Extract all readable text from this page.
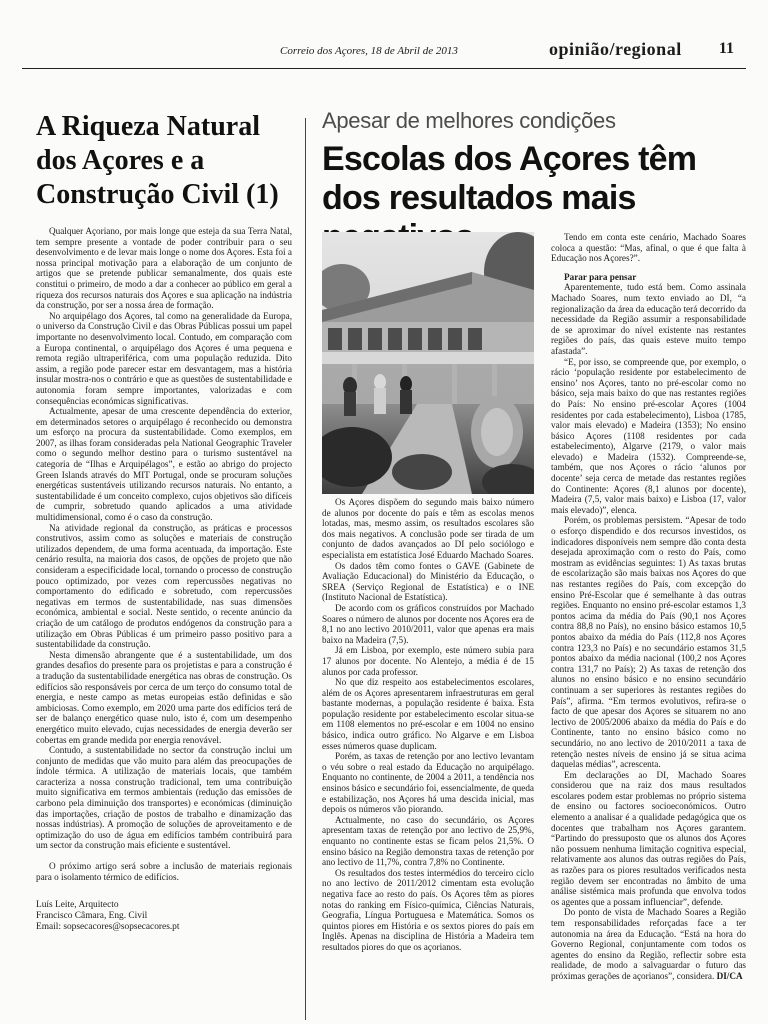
Correio dos Açores, 18 de Abril de 2013	opinião/regional 11
A Riqueza Natural
dos Açores e a
Construção Civil (1)

Qualquer Açoriano, por mais longe que esteja da sua Terra Natal, tem sempre presente a vontade de poder contribuir para o seu desenvolvimento e de levar mais longe o nome dos Açores. Esta foi a nossa principal motivação para a elaboração de um conjunto de artigos que se pretende publicar semanalmente, dos quais este constitui o primeiro, de modo a dar a conhecer ao público em geral a riqueza dos recursos naturais dos Açores e sua aplicação na indústria da construção, por ser a nossa área de formação.

No arquipélago dos Açores, tal como na generalidade da Europa, o universo da Construção Civil e das Obras Públicas possui um papel importante no desenvolvimento local. Contudo, em comparação com a Europa continental, o arquipélago dos Açores é uma pequena e remota região ultraperiférica, com uma população reduzida. Dito assim, a região pode parecer estar em desvantagem, mas a história insular mostra-nos o contrário e que as questões de sustentabilidade e autonomia foram sempre importantes, valorizadas e com consequências económicas significativas.

Actualmente, apesar de uma crescente dependência do exterior, em determinados setores o arquipélago é reconhecido ou demonstra um esforço na procura da sustentabilidade. Como exemplos, em 2007, as ilhas foram consideradas pela National Geographic Traveler como o segundo melhor destino para o turismo sustentável na categoria de “Ilhas e Arquipélagos”, e estão ao abrigo do projecto Green Islands através do MIT Portugal, onde se procuram soluções energéticas sustentáveis utilizando recursos naturais. No entanto, a sustentabilidade é um conceito complexo, cujos objetivos são difíceis de cumprir, sobretudo quando aplicados a uma atividade multidimensional, como é o caso da construção.

Na atividade regional da construção, as práticas e processos construtivos, assim como as soluções e materiais de construção utilizados dependem, de uma forma acentuada, da importação. Este cenário resulta, na maioria dos casos, de opções de projeto que não consideram a especificidade local, tornando o processo de construção pouco optimizado, por vezes com repercussões negativas no comportamento do edificado e sobretudo, com repercussões negativas em termos de sustentabilidade, nas suas dimensões económica, ambiental e social. Neste sentido, o recente anúncio da criação de um catálogo de produtos endógenos da construção para a utilização em Obras Públicas é um primeiro passo positivo para a sustentabilidade da construção.

Nesta dimensão abrangente que é a sustentabilidade, um dos grandes desafios do presente para os projetistas e para a construção é a tradução da sustentabilidade energética nas obras de construção. Os edifícios são responsáveis por cerca de um terço do consumo total de energia, e neste campo as metas europeias estão definidas e são ambiciosas. Como exemplo, em 2020 uma parte dos edifícios terá de ser de balanço energético quase nulo, isto é, com um desempenho energético muito elevado, cujas necessidades de energia deverão ser cobertas em grande medida por energia renovável.

Contudo, a sustentabilidade no sector da construção inclui um conjunto de medidas que vão muito para além das preocupações de índole térmica. A utilização de materiais locais, que também caracteriza a nossa construção tradicional, tem uma contribuição muito significativa em termos ambientais (redução das emissões de carbono pela diminuição dos transportes) e económicas (diminuição das importações, criação de postos de trabalho e dinamização das nossas indústrias). A promoção de soluções de aproveitamento e de optimização do uso de água em edifícios também contribuirá para um sector da construção mais eficiente e sustentável.

O próximo artigo será sobre a inclusão de materiais regionais para o isolamento térmico de edifícios.

Luís Leite, Arquitecto
Francisco Câmara, Eng. Civil
Email: sopsecacores@sopsecacores.pt
Apesar de melhores condições
Escolas dos Açores têm dos resultados mais

Os Açores dispõem do segundo mais baixo número de alunos por docente do país e têm as escolas menos lotadas, mas, mesmo assim, os resultados escolares são dos mais negativos. A conclusão pode ser tirada de um conjunto de dados avançados ao DI pelo sociólogo e especialista em estatística José Eduardo Machado Soares.

Os dados têm como fontes o GAVE (Gabinete de Avaliação Educacional) do Ministério da Educação, o SREA (Serviço Regional de Estatística) e o INE (Instituto Nacional de Estatística).

De acordo com os gráficos construídos por Machado Soares o número de alunos por docente nos Açores era de 8,1 no ano lectivo 2010/2011, valor que apenas era mais baixo na Madeira (7,5).

Já em Lisboa, por exemplo, este número subia para 17 alunos por docente. No Alentejo, a média é de 15 alunos por cada professor.

No que diz respeito aos estabelecimentos escolares, além de os Açores apresentarem infraestruturas em geral bastante modernas, a população residente é baixa. Esta população residente por estabelecimento escolar situa-se em 1108 elementos no pré-escolar e em 1004 no ensino básico, indica outro gráfico. No Algarve e em Lisboa esses números quase duplicam.

Porém, as taxas de retenção por ano lectivo levantam o véu sobre o real estado da Educação no arquipélago. Enquanto no continente, de 2004 a 2011, a tendência nos ensinos básico e secundário foi, essencialmente, de queda e estabilização, nos Açores há uma descida inicial, mas depois os números vão piorando.

Actualmente, no caso do secundário, os Açores apresentam taxas de retenção por ano lectivo de 25,9%, enquanto no continente estas se ficam pelos 21,5%. O ensino básico na Região demonstra taxas de retenção por ano lectivo de 11,7%, contra 7,8% no Continente.

Os resultados dos testes intermédios do terceiro ciclo no ano lectivo de 2011/2012 cimentam esta evolução negativa face ao resto do país. Os Açores têm as piores notas do ranking em Físico-química, Ciências Naturais, Geografia, Língua Portuguesa e Matemática. Somos os quintos piores em História e os sextos piores do país em Inglês. Apenas na disciplina de História a Madeira tem resultados piores do que os açorianos.

Tendo em conta este cenário, Machado Soares coloca a questão: “Mas, afinal, o que é que falta à Educação nos Açores?”.

Parar para pensar

Aparentemente, tudo está bem. Como assinala Machado Soares, num texto enviado ao DI, “a regionalização da área da educação terá decorrido da necessidade da Região assumir a responsabilidade de se aproximar do nível existente nas restantes regiões do país, das quais esteve muito tempo afastada”.

“E, por isso, se compreende que, por exemplo, o rácio ‘população residente por estabelecimento de ensino’ nos Açores, tanto no pré-escolar como no básico, seja mais baixo do que nas restantes regiões do País: No ensino pré-escolar Açores (1004 residentes por cada estabelecimento), Lisboa (1785, valor mais elevado) e Madeira (1353); No ensino básico Açores (1108 residentes por cada estabelecimento), Algarve (2179, o valor mais elevado) e Madeira (1532). Compreende-se, também, que nos Açores o rácio ‘alunos por docente’ seja cerca de metade das restantes regiões do Continente: Açores (8,1 alunos por docente), Madeira (7,5, valor mais baixo) e Lisboa (17, valor mais elevado)”, elenca.

Porém, os problemas persistem. “Apesar de todo o esforço dispendido e dos recursos investidos, os indicadores disponíveis nem sempre dão conta desta desejada aproximação com o resto do País, como mostram as evidências seguintes: 1) As taxas brutas de escolarização são mais baixas nos Açores do que nas restantes regiões do País, com excepção do ensino Pré-Escolar que é semelhante à das outras regiões. Enquanto no ensino pré-escolar estamos 1,3 pontos acima da média do País (90,1 nos Açores contra 88,8 no País), no ensino básico estamos 10,5 pontos abaixo da média do País (112,8 nos Açores contra 123,3 no País) e no secundário estamos 31,5 pontos abaixo da média nacional (100,2 nos Açores contra 131,7 no País); 2) As taxas de retenção dos alunos no ensino básico e no ensino secundário continuam a ser superiores às restantes regiões do País”, afirma. “Em termos evolutivos, refira-se o facto de que apesar dos Açores se situarem no ano lectivo de 2005/2006 abaixo da média do País e do Continente, tanto no ensino básico como no secundário, no ano lectivo de 2010/2011 a taxa de retenção nestes níveis de ensino já se situa acima daquelas médias”, acrescenta.

Em declarações ao DI, Machado Soares considerou que na raiz dos maus resultados escolares podem estar problemas no próprio sistema de ensino ou factores socioeconómicos. Outro elemento a analisar é a qualidade pedagógica que os docentes que trabalham nos Açores garantem. “Partindo do pressuposto que os alunos dos Açores não possuem nenhuma limitação cognitiva especial, relativamente aos alunos das outras regiões do País, as razões para os piores resultados verificados nesta região devem ser encontradas no âmbito de uma análise sistémica mais profunda que envolva todos os agentes que a possam influenciar”, defende.

Do ponto de vista de Machado Soares a Região tem responsabilidades reforçadas face a ter autonomia na área da Educação. “Está na hora do Governo Regional, conjuntamente com todos os agentes do ensino da Região, reflectir sobre esta realidade, de modo a salvaguardar o futuro das próximas gerações de açorianos”, considera. DI/CA
